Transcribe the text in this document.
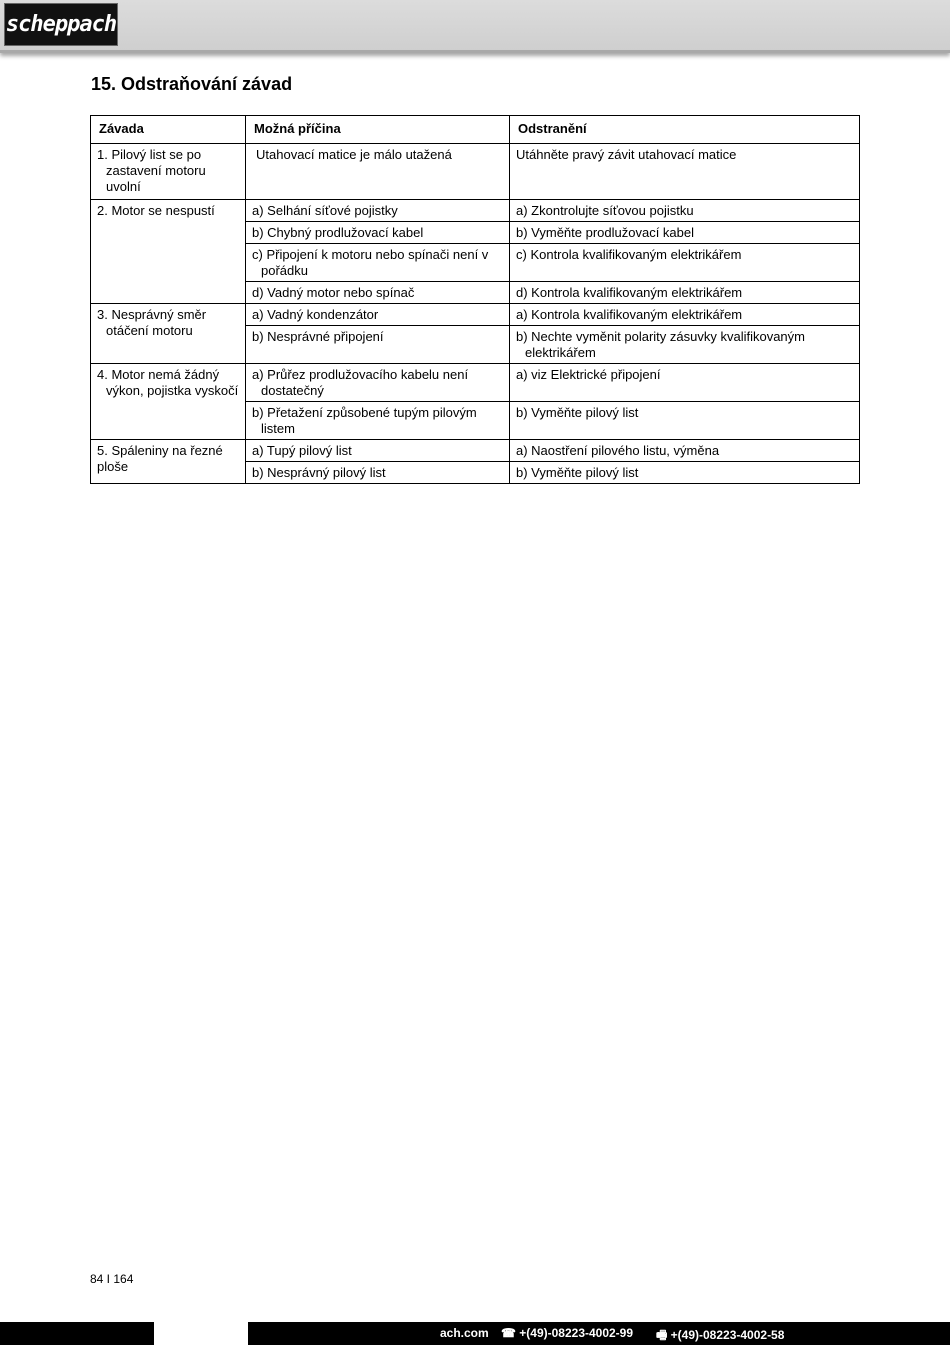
scheppach
15. Odstraňování závad
Závada	Možná příčina	Odstranění
1. Pilový list se po zastavení motoru uvolní	Utahovací matice je málo utažená	Utáhněte pravý závit utahovací matice
2. Motor se nespustí	a) Selhání síťové pojistky	a) Zkontrolujte síťovou pojistku
	b) Chybný prodlužovací kabel	b) Vyměňte prodlužovací kabel
	c) Připojení k motoru nebo spínači není v pořádku	c) Kontrola kvalifikovaným elektrikářem
	d) Vadný motor nebo spínač	d) Kontrola kvalifikovaným elektrikářem
3. Nesprávný směr otáčení motoru	a) Vadný kondenzátor	a) Kontrola kvalifikovaným elektrikářem
	b) Nesprávné připojení	b) Nechte vyměnit polarity zásuvky kvalifikovaným elektrikářem
4. Motor nemá žádný výkon, pojistka vyskočí	a) Průřez prodlužovacího kabelu není dostatečný	a) viz Elektrické připojení
	b) Přetažení způsobené tupým pilovým listem	b) Vyměňte pilový list
5. Spáleniny na řezné ploše	a) Tupý pilový list	a) Naostření pilového listu, výměna
	b) Nesprávný pilový list	b) Vyměňte pilový list
84 I 164
ach.com ☎ +(49)-08223-4002-99 🖷 +(49)-08223-4002-58
